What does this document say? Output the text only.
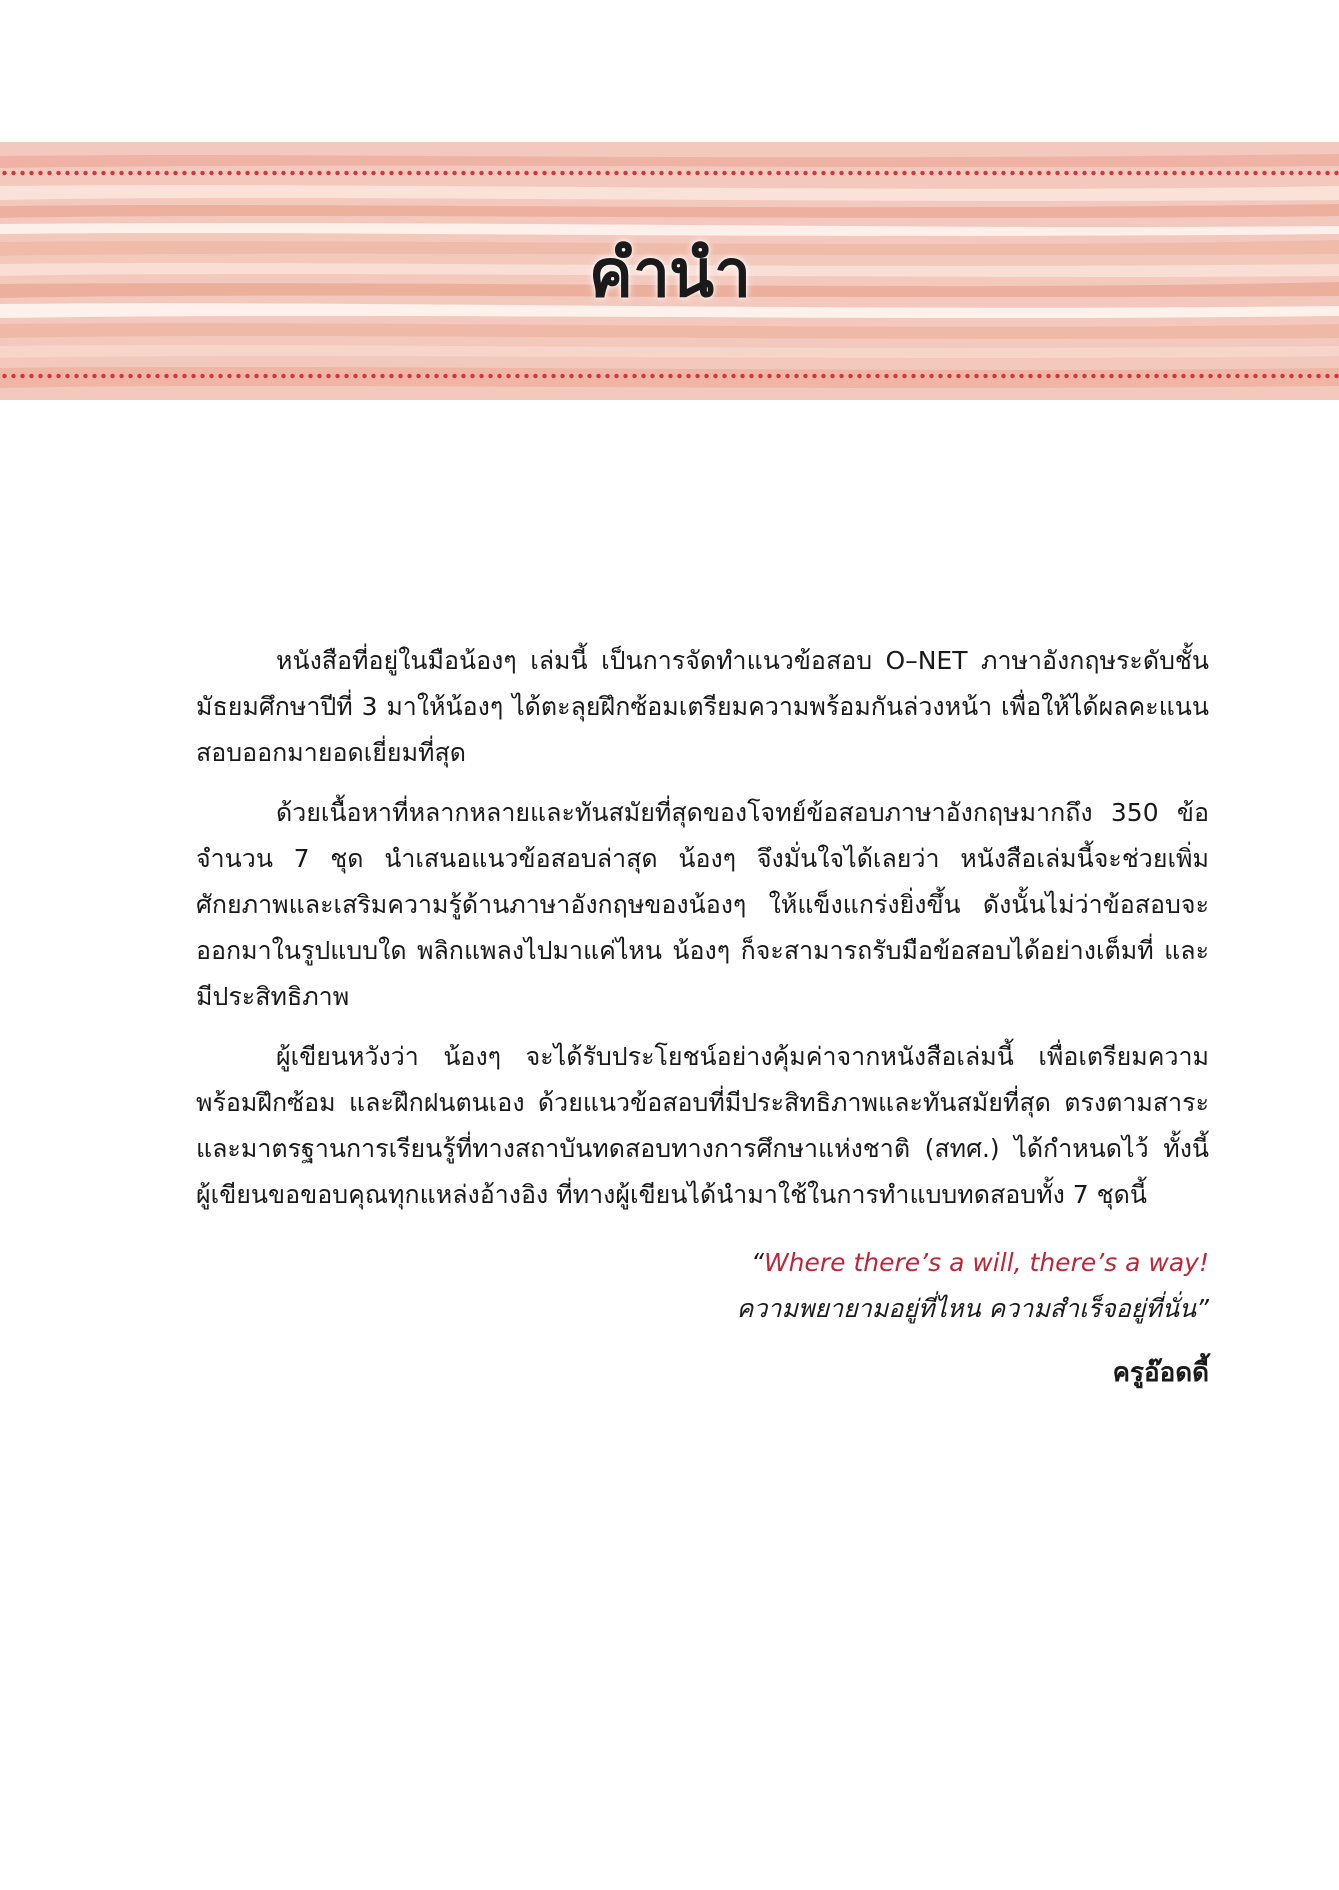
คำนำ

หนังสือที่อยู่ในมือน้องๆ เล่มนี้ เป็นการจัดทำแนวข้อสอบ O–NET ภาษาอังกฤษระดับชั้นมัธยมศึกษาปีที่ 3 มาให้น้องๆ ได้ตะลุยฝึกซ้อมเตรียมความพร้อมกันล่วงหน้า เพื่อให้ได้ผลคะแนนสอบออกมายอดเยี่ยมที่สุด

ด้วยเนื้อหาที่หลากหลายและทันสมัยที่สุดของโจทย์ข้อสอบภาษาอังกฤษมากถึง 350 ข้อ จำนวน 7 ชุด นำเสนอแนวข้อสอบล่าสุด น้องๆ จึงมั่นใจได้เลยว่า หนังสือเล่มนี้จะช่วยเพิ่มศักยภาพและเสริมความรู้ด้านภาษาอังกฤษของน้องๆ ให้แข็งแกร่งยิ่งขึ้น ดังนั้นไม่ว่าข้อสอบจะออกมาในรูปแบบใด พลิกแพลงไปมาแค่ไหน น้องๆ ก็จะสามารถรับมือข้อสอบได้อย่างเต็มที่ และมีประสิทธิภาพ

ผู้เขียนหวังว่า น้องๆ จะได้รับประโยชน์อย่างคุ้มค่าจากหนังสือเล่มนี้ เพื่อเตรียมความพร้อมฝึกซ้อม และฝึกฝนตนเอง ด้วยแนวข้อสอบที่มีประสิทธิภาพและทันสมัยที่สุด ตรงตามสาระและมาตรฐานการเรียนรู้ที่ทางสถาบันทดสอบทางการศึกษาแห่งชาติ (สทศ.) ได้กำหนดไว้ ทั้งนี้ ผู้เขียนขอขอบคุณทุกแหล่งอ้างอิง ที่ทางผู้เขียนได้นำมาใช้ในการทำแบบทดสอบทั้ง 7 ชุดนี้

“Where there’s a will, there’s a way!
ความพยายามอยู่ที่ไหน ความสำเร็จอยู่ที่นั่น”
ครูอ๊อดดี้
